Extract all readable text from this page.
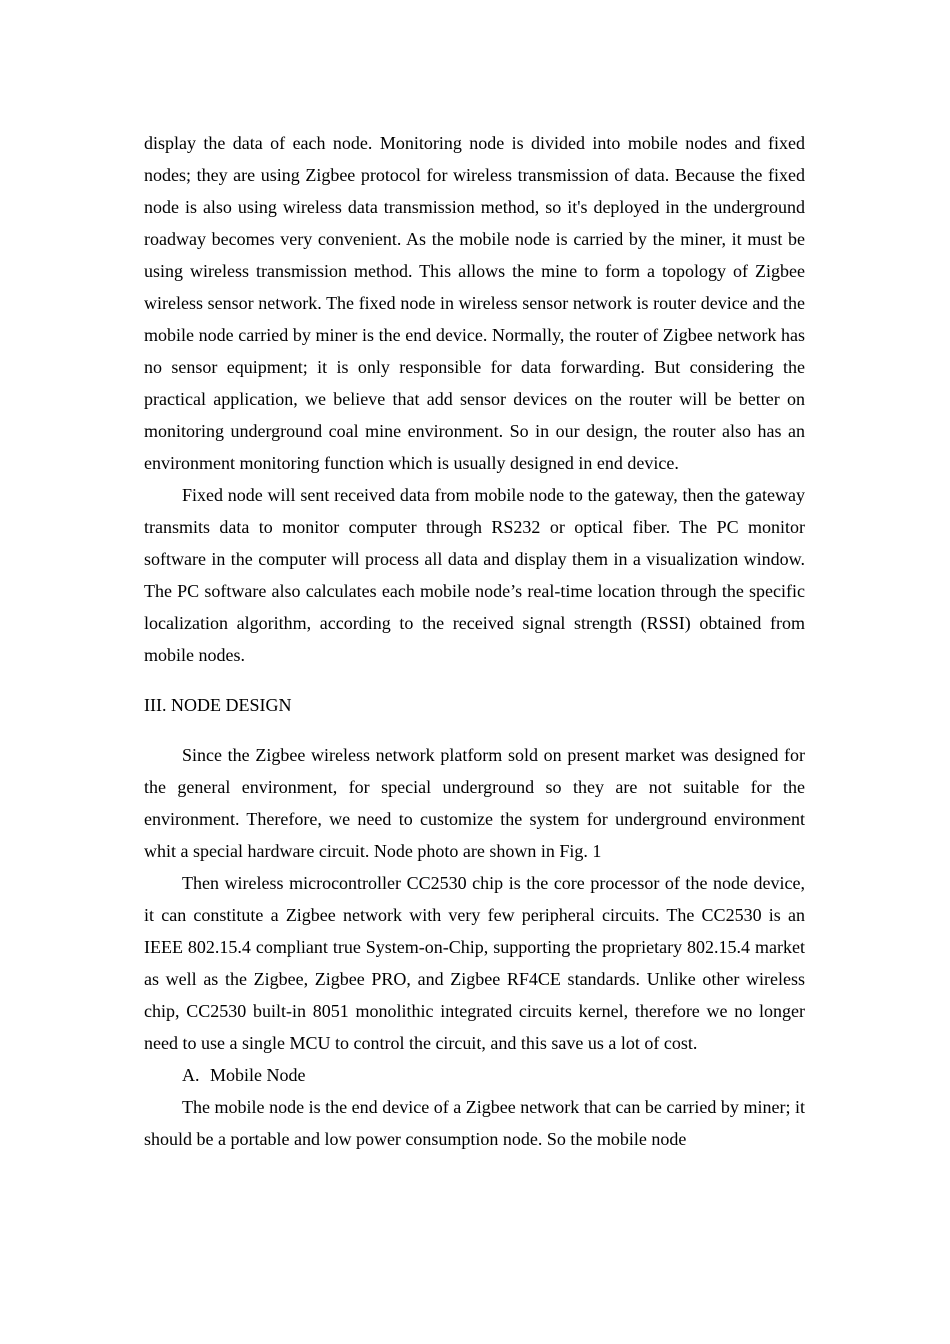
display the data of each node. Monitoring node is divided into mobile nodes and fixed nodes; they are using Zigbee protocol for wireless transmission of data. Because the fixed node is also using wireless data transmission method, so it's deployed in the underground roadway becomes very convenient. As the mobile node is carried by the miner, it must be using wireless transmission method. This allows the mine to form a topology of Zigbee wireless sensor network. The fixed node in wireless sensor network is router device and the mobile node carried by miner is the end device. Normally, the router of Zigbee network has no sensor equipment; it is only responsible for data forwarding. But considering the practical application, we believe that add sensor devices on the router will be better on monitoring underground coal mine environment. So in our design, the router also has an environment monitoring function which is usually designed in end device.

Fixed node will sent received data from mobile node to the gateway, then the gateway transmits data to monitor computer through RS232 or optical fiber. The PC monitor software in the computer will process all data and display them in a visualization window. The PC software also calculates each mobile node’s real-time location through the specific localization algorithm, according to the received signal strength (RSSI) obtained from mobile nodes.

III. NODE DESIGN

Since the Zigbee wireless network platform sold on present market was designed for the general environment, for special underground so they are not suitable for the environment. Therefore, we need to customize the system for underground environment whit a special hardware circuit. Node photo are shown in Fig. 1

Then wireless microcontroller CC2530 chip is the core processor of the node device, it can constitute a Zigbee network with very few peripheral circuits. The CC2530 is an IEEE 802.15.4 compliant true System-on-Chip, supporting the proprietary 802.15.4 market as well as the Zigbee, Zigbee PRO, and Zigbee RF4CE standards. Unlike other wireless chip, CC2530 built-in 8051 monolithic integrated circuits kernel, therefore we no longer need to use a single MCU to control the circuit, and this save us a lot of cost.

A. Mobile Node

The mobile node is the end device of a Zigbee network that can be carried by miner; it should be a portable and low power consumption node. So the mobile node
